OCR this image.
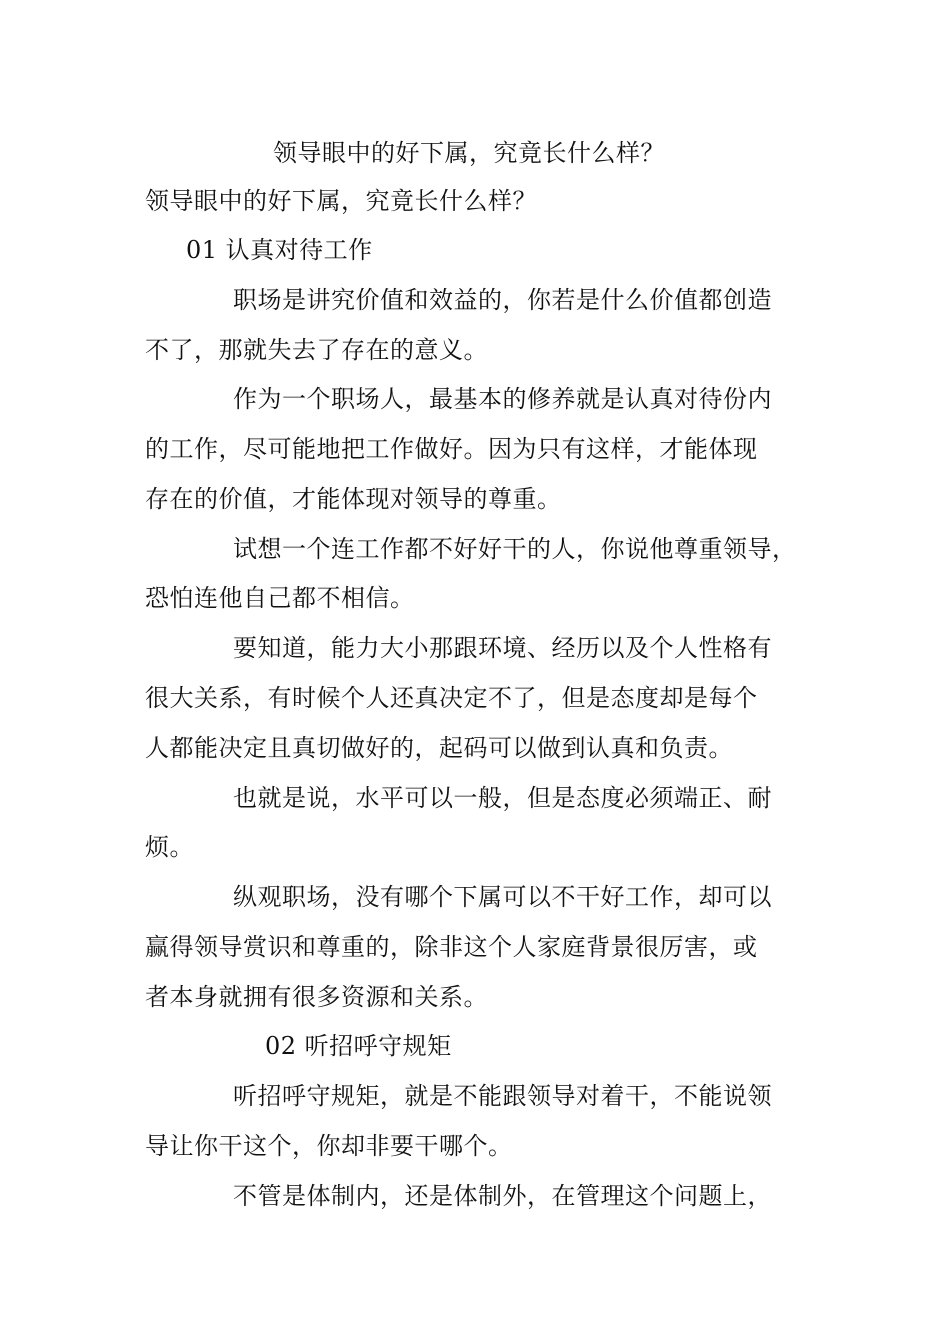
领导眼中的好下属，究竟长什么样？
领导眼中的好下属，究竟长什么样？
01 认真对待工作
职场是讲究价值和效益的，你若是什么价值都创造
不了，那就失去了存在的意义。
作为一个职场人，最基本的修养就是认真对待份内
的工作，尽可能地把工作做好。因为只有这样，才能体现
存在的价值，才能体现对领导的尊重。
试想一个连工作都不好好干的人，你说他尊重领导，
恐怕连他自己都不相信。
要知道，能力大小那跟环境、经历以及个人性格有
很大关系，有时候个人还真决定不了，但是态度却是每个
人都能决定且真切做好的，起码可以做到认真和负责。
也就是说，水平可以一般，但是态度必须端正、耐
烦。
纵观职场，没有哪个下属可以不干好工作，却可以
赢得领导赏识和尊重的，除非这个人家庭背景很厉害，或
者本身就拥有很多资源和关系。
02 听招呼守规矩
听招呼守规矩，就是不能跟领导对着干，不能说领
导让你干这个，你却非要干哪个。
不管是体制内，还是体制外，在管理这个问题上，
